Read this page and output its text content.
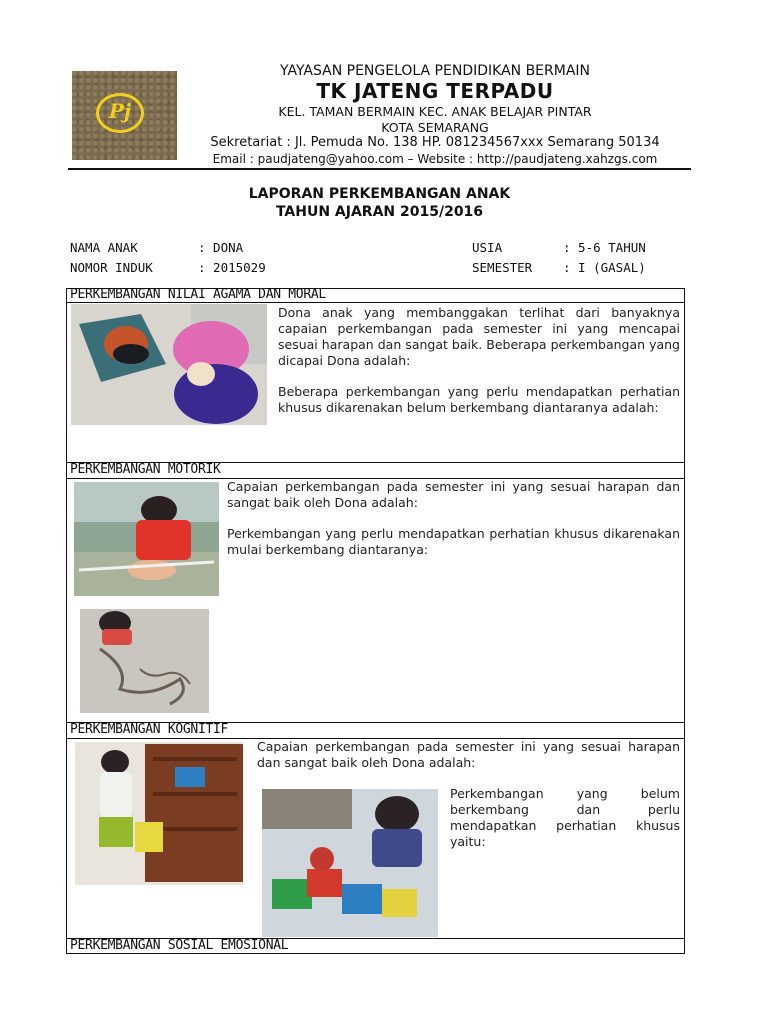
Pj
YAYASAN PENGELOLA PENDIDIKAN BERMAIN
TK JATENG TERPADU
KEL. TAMAN BERMAIN KEC. ANAK BELAJAR PINTAR
KOTA SEMARANG
Sekretariat : Jl. Pemuda No. 138 HP. 081234567xxx Semarang 50134
Email : paudjateng@yahoo.com – Website : http://paudjateng.xahzgs.com
LAPORAN PERKEMBANGAN ANAK
TAHUN AJARAN 2015/2016
NAMA ANAK	: DONA
NOMOR INDUK	: 2015029
USIA	: 5-6 TAHUN
SEMESTER : I (GASAL)
PERKEMBANGAN NILAI AGAMA DAN MORAL
Dona anak yang membanggakan terlihat dari banyaknya capaian perkembangan pada semester ini yang mencapai sesuai harapan dan sangat baik. Beberapa perkembangan yang dicapai Dona adalah:
Beberapa perkembangan yang perlu mendapatkan perhatian khusus dikarenakan belum berkembang diantaranya adalah:
PERKEMBANGAN MOTORIK
Capaian perkembangan pada semester ini yang sesuai harapan dan sangat baik oleh Dona adalah:
Perkembangan yang perlu mendapatkan perhatian khusus dikarenakan mulai berkembang diantaranya:
PERKEMBANGAN KOGNITIF
Capaian perkembangan pada semester ini yang sesuai harapan dan sangat baik oleh Dona adalah:
Perkembangan yang belum berkembang dan perlu mendapatkan perhatian khusus yaitu:
PERKEMBANGAN SOSIAL EMOSIONAL
